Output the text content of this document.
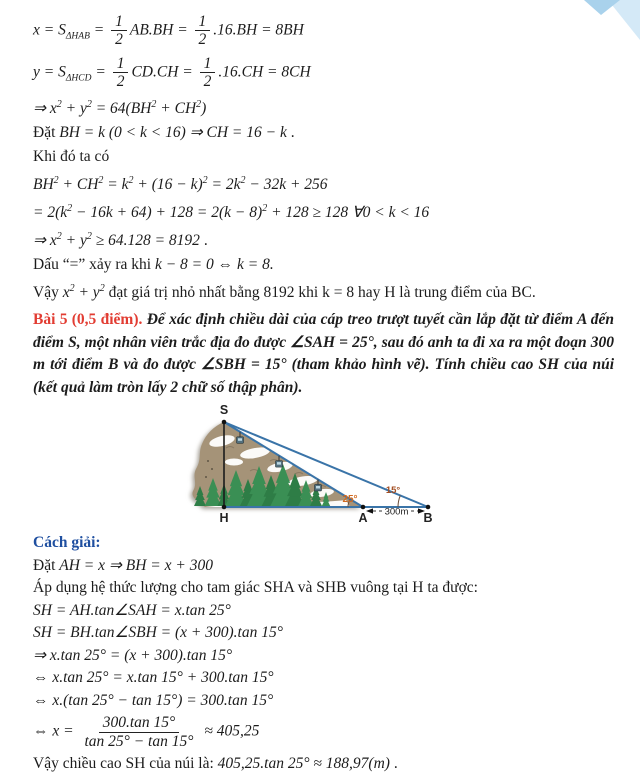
$x = S_{\Delta HAB} = \frac{1}{2} AB.BH = \frac{1}{2} .16.BH = 8BH$
$y = S_{\Delta HCD} = \frac{1}{2} CD.CH = \frac{1}{2} .16.CH = 8CH$
⇒ $x^2 + y^2 = 64(BH^2 + CH^2)$
Đặt BH = k (0 < k < 16) ⇒ CH = 16 − k .
Khi đó ta có
$BH^2 + CH^2 = k^2 + (16 - k)^2 = 2k^2 - 32k + 256$
= $2(k^2 - 16k + 64) + 128 = 2(k - 8)^2 + 128 \ge 128$ ∀0 < k < 16
⇒ $x^2 + y^2 \ge 64.128 = 8192$ .
Dấu “=” xảy ra khi k − 8 = 0 ⇔ k = 8.
Vậy $x^2 + y^2$ đạt giá trị nhỏ nhất bằng 8192 khi k = 8 hay H là trung điểm của BC.

Bài 5 (0,5 điểm). Để xác định chiều dài của cáp treo trượt tuyết cần lắp đặt từ điểm A đến điểm S, một nhân viên trắc địa đo được ∠SAH = 25°, sau đó anh ta đi xa ra một đoạn 300 m tới điểm B và đo được ∠SBH = 15° (tham khảo hình vẽ). Tính chiều cao SH của núi (kết quả làm tròn lấy 2 chữ số thập phân).

300m
S
H	A	B
25°
15°
Cách giải:
Đặt AH = x ⇒ BH = x + 300
Áp dụng hệ thức lượng cho tam giác SHA và SHB vuông tại H ta được:
SH = AH.tan∠SAH = x.tan 25°
SH = BH.tan∠SBH = (x + 300).tan 15°
⇒ x.tan 25° = (x + 300).tan 15°
⇔ x.tan 25° = x.tan 15° + 300.tan 15°
⇔ x.(tan 25° − tan 15°) = 300.tan 15°
⇔ $x = \frac{300.\tan 15^\circ}{\tan 25^\circ - \tan 15^\circ} \approx 405,25$
Vậy chiều cao SH của núi là: 405,25.tan 25° ≈ 188,97(m) .
